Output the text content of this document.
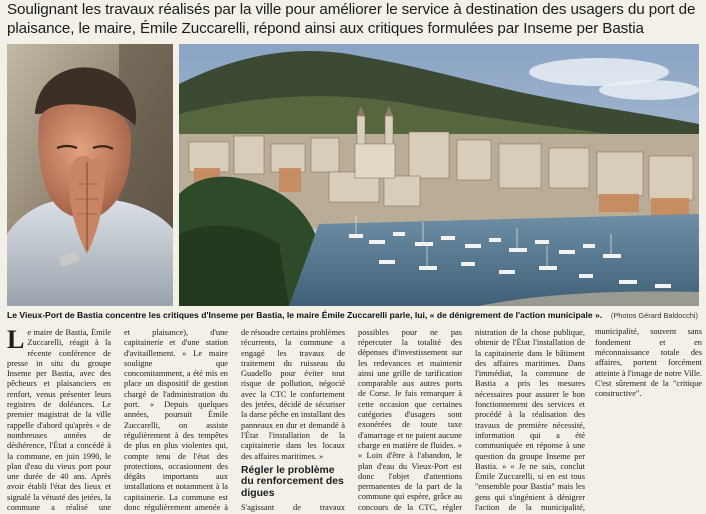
Soulignant les travaux réalisés par la ville pour améliorer le service à destination des usagers du port de plaisance, le maire, Émile Zuccarelli, répond ainsi aux critiques formulées par Inseme per Bastia
Le Vieux-Port de Bastia concentre les critiques d'Inseme per Bastia, le maire Émile Zuccarelli parle, lui, « de dénigrement de l'action municipale ». (Photos Gérard Baldocchi)

Le maire de Bastia, Émile Zuccarelli, réagit à la récente conférence de presse in situ du groupe Inseme per Bastia, avec des pêcheurs et plaisanciers en renfort, venus présenter leurs registres de doléances. Le premier magistrat de la ville rappelle d'abord qu'après « de nombreuses années de déshérence, l'État a concédé à la commune, en juin 1990, le plan d'eau du vieux port pour une durée de 40 ans. Après avoir établi l'état des lieux et signalé la vétusté des jetées, la commune a réalisé une

et plaisance), d'une capitainerie et d'une station d'avitaillement. » Le maire souligne que concomitamment, a été mis en place un dispositif de gestion chargé de l'administration du port. « Depuis quelques années, poursuit Émile Zuccarelli, on assiste régulièrement à des tempêtes de plus en plus violentes qui, compte tenu de l'état des protections, occasionnent des dégâts importants aux installations et notamment à la capitainerie. La commune est donc régulièrement amenée à

de résoudre certains problèmes récurrents, la commune a engagé les travaux de traitement du ruisseau du Guadello pour éviter tout risque de pollution, négocié avec la CTC le confortement des jetées, décidé de sécuriser la darse pêche en installant des panneaux en dur et demandé à l'État l'installation de la capitainerie dans les locaux des affaires maritimes. »

Régler le problème du renforcement des digues

S'agissant de travaux

possibles pour ne pas répercuter la totalité des dépenses d'investissement sur les redevances et maintenir ainsi une grille de tarification comparable aux autres ports de Corse. Je fais remarquer à cette occasion que certaines catégories d'usagers sont exonérées de toute taxe d'amarrage et ne paient aucune charge en matière de fluides. » « Loin d'être à l'abandon, le plan d'eau du Vieux-Port est donc l'objet d'attentions permanentes de la part de la commune qui espère, grâce au concours de la CTC, régler

nistration de la chose publique, obtenir de l'État l'installation de la capitainerie dans le bâtiment des affaires maritimes. Dans l'immédiat, la commune de Bastia a pris les mesures nécessaires pour assurer le bon fonctionnement des services et procédé à la réalisation des travaux de première nécessité, information qui a été communiquée en réponse à une question du groupe Inseme per Bastia. » « Je ne sais, conclut Émile Zuccarelli, si en est tous "ensemble pour Bastia" mais les gens qui s'ingénient à dénigrer l'action de la municipalité,

municipalité, souvent sans fondement et en méconnaissance totale des affaires, portent forcément atteinte à l'image de notre Ville. C'est sûrement de la "critique constructive".
